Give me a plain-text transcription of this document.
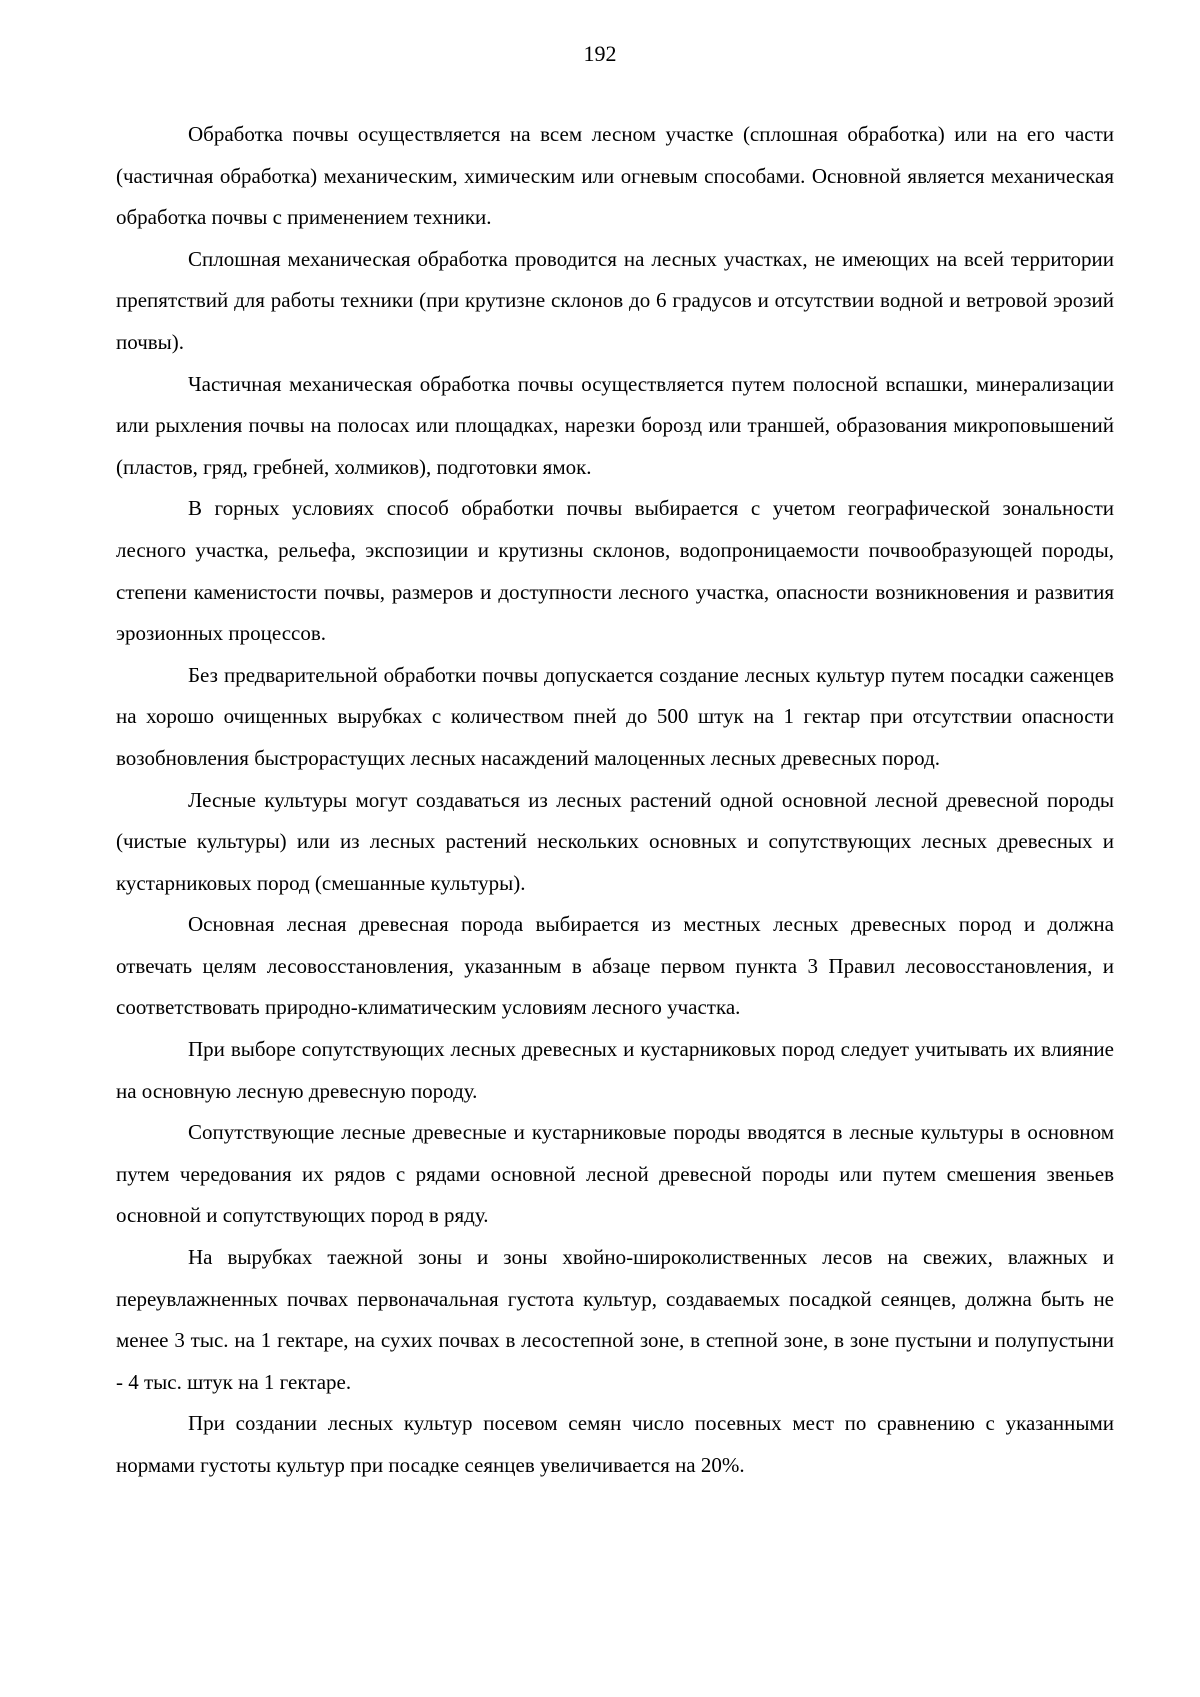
192

Обработка почвы осуществляется на всем лесном участке (сплошная обработка) или на его части (частичная обработка) механическим, химическим или огневым способами. Основной является механическая обработка почвы с применением техники.

Сплошная механическая обработка проводится на лесных участках, не имеющих на всей территории препятствий для работы техники (при крутизне склонов до 6 градусов и отсутствии водной и ветровой эрозий почвы).

Частичная механическая обработка почвы осуществляется путем полосной вспашки, минерализации или рыхления почвы на полосах или площадках, нарезки борозд или траншей, образования микроповышений (пластов, гряд, гребней, холмиков), подготовки ямок.

В горных условиях способ обработки почвы выбирается с учетом географической зональности лесного участка, рельефа, экспозиции и крутизны склонов, водопроницаемости почвообразующей породы, степени каменистости почвы, размеров и доступности лесного участка, опасности возникновения и развития эрозионных процессов.

Без предварительной обработки почвы допускается создание лесных культур путем посадки саженцев на хорошо очищенных вырубках с количеством пней до 500 штук на 1 гектар при отсутствии опасности возобновления быстрорастущих лесных насаждений малоценных лесных древесных пород.

Лесные культуры могут создаваться из лесных растений одной основной лесной древесной породы (чистые культуры) или из лесных растений нескольких основных и сопутствующих лесных древесных и кустарниковых пород (смешанные культуры).

Основная лесная древесная порода выбирается из местных лесных древесных пород и должна отвечать целям лесовосстановления, указанным в абзаце первом пункта 3 Правил лесовосстановления, и соответствовать природно-климатическим условиям лесного участка.

При выборе сопутствующих лесных древесных и кустарниковых пород следует учитывать их влияние на основную лесную древесную породу.

Сопутствующие лесные древесные и кустарниковые породы вводятся в лесные культуры в основном путем чередования их рядов с рядами основной лесной древесной породы или путем смешения звеньев основной и сопутствующих пород в ряду.

На вырубках таежной зоны и зоны хвойно-широколиственных лесов на свежих, влажных и переувлажненных почвах первоначальная густота культур, создаваемых посадкой сеянцев, должна быть не менее 3 тыс. на 1 гектаре, на сухих почвах в лесостепной зоне, в степной зоне, в зоне пустыни и полупустыни - 4 тыс. штук на 1 гектаре.

При создании лесных культур посевом семян число посевных мест по сравнению с указанными нормами густоты культур при посадке сеянцев увеличивается на 20%.
